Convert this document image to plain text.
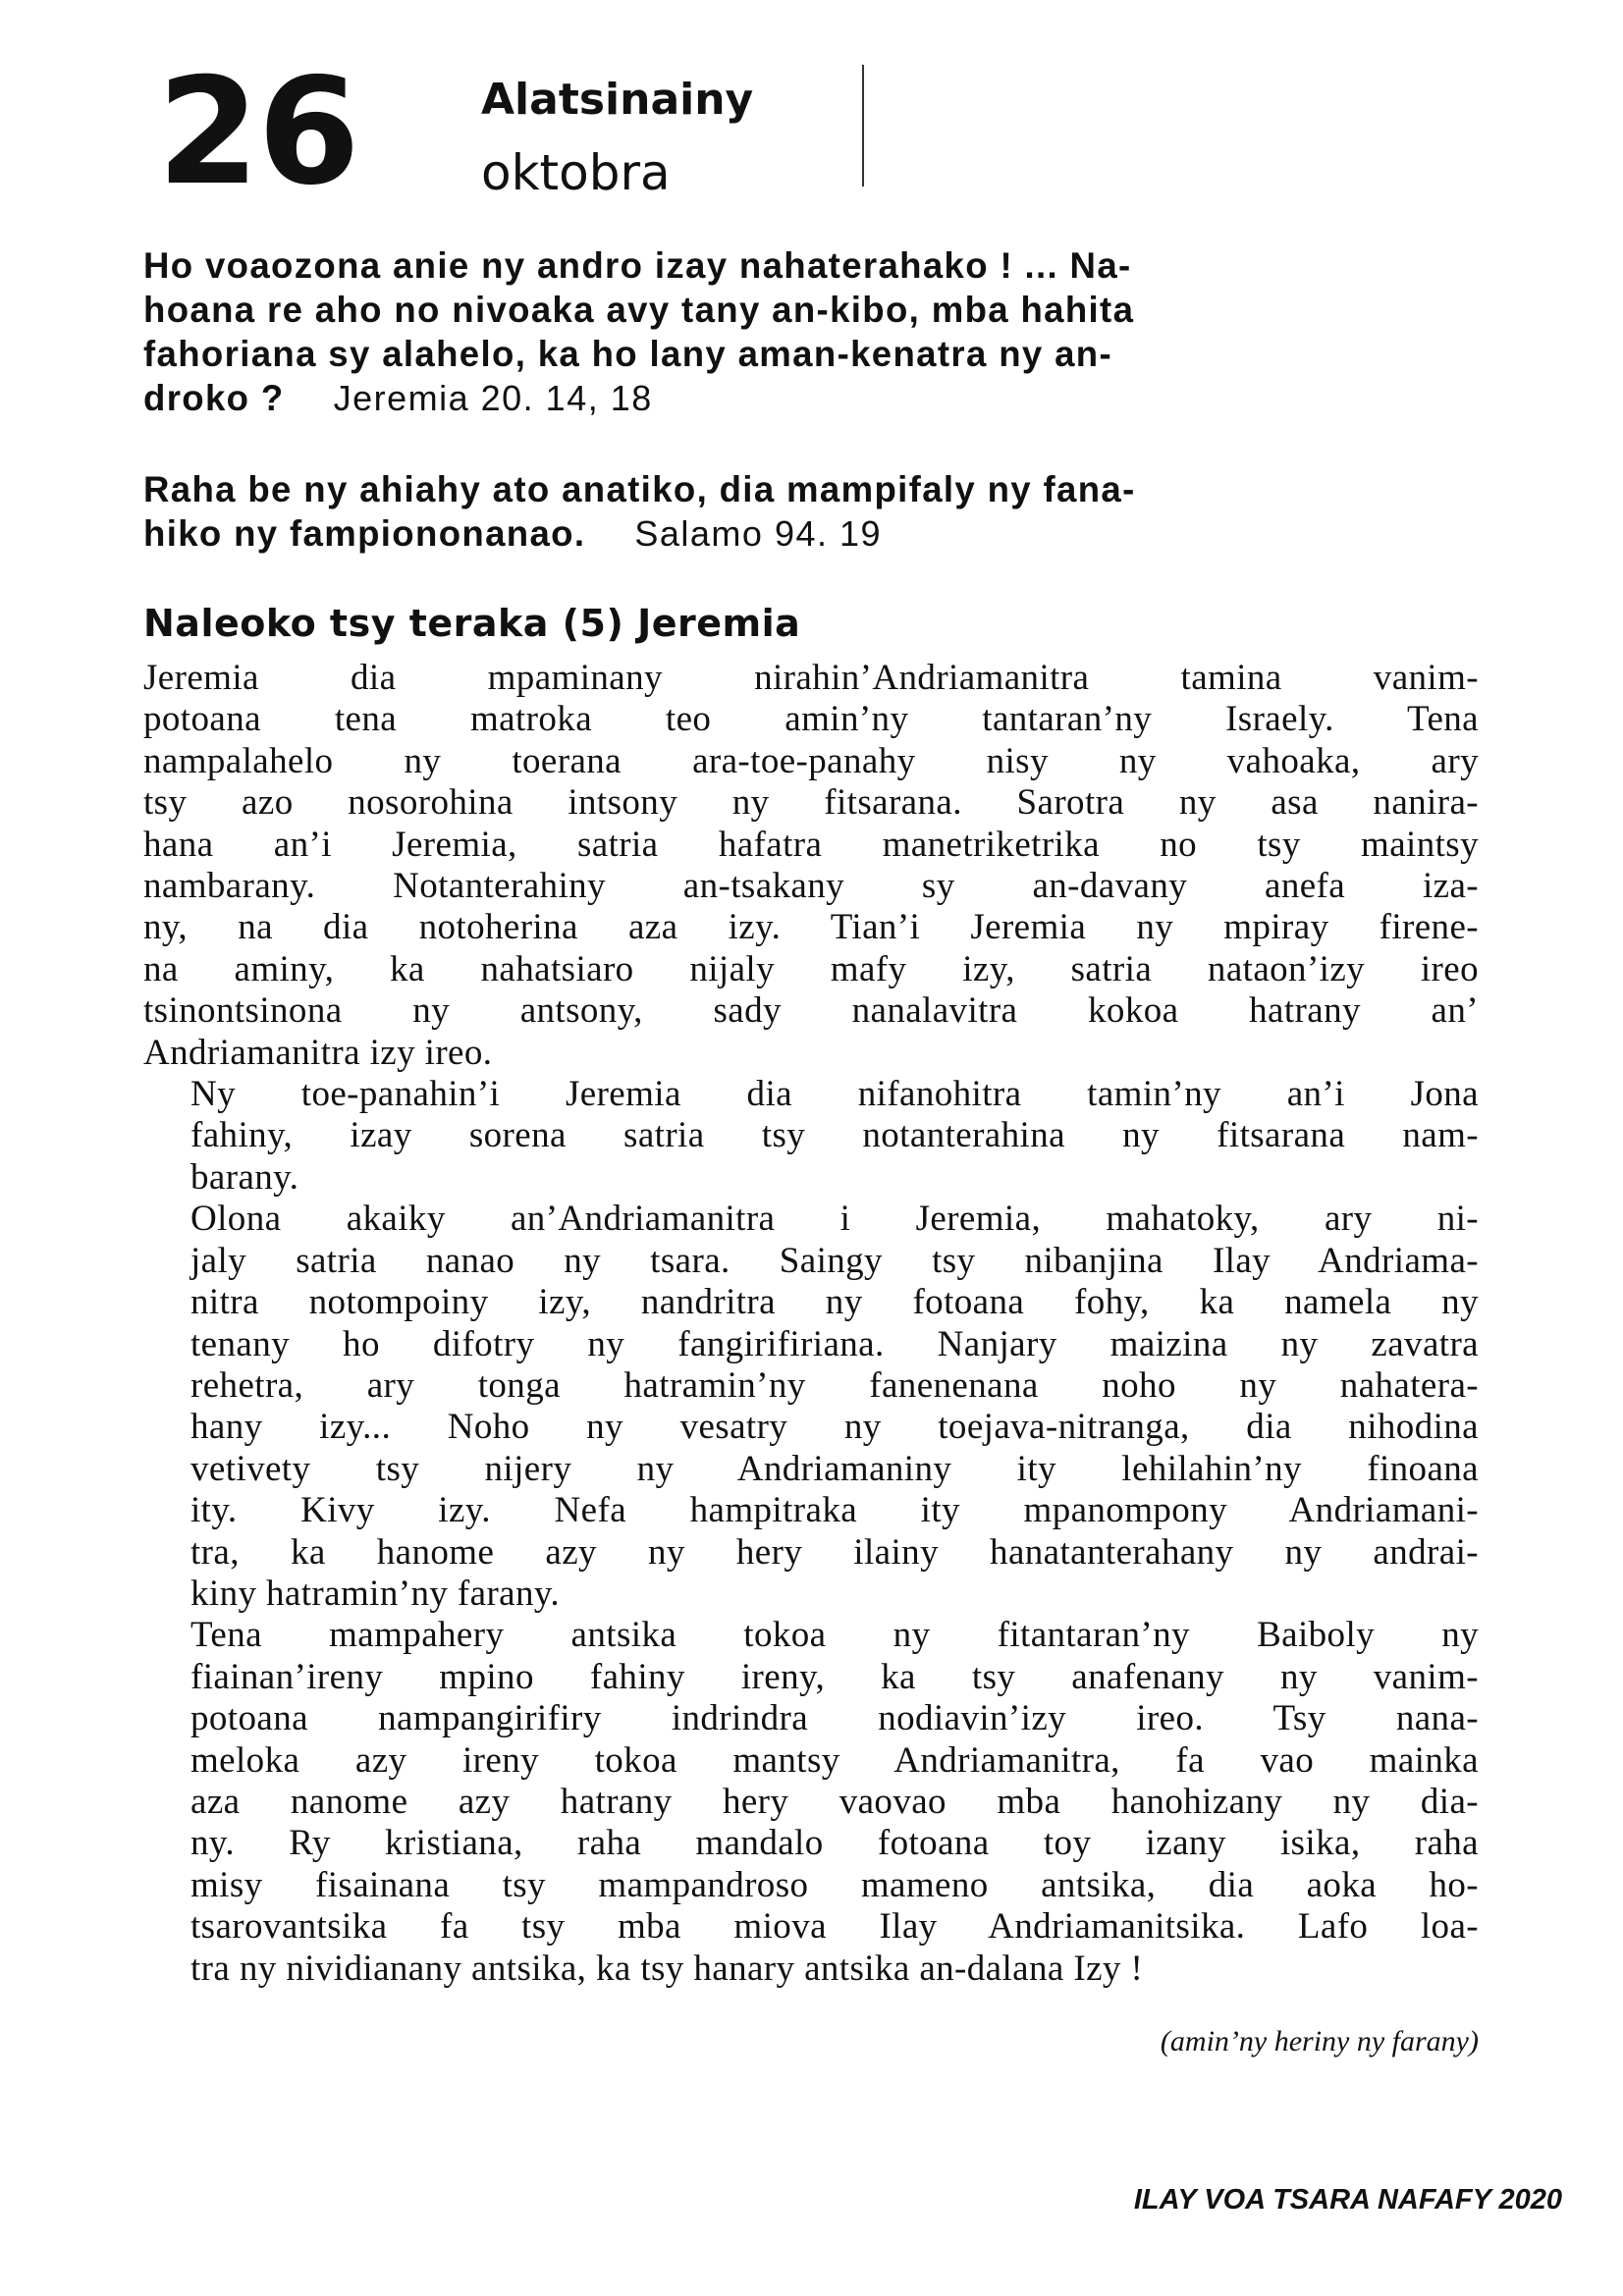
26	Alatsinainy
oktobra
Ho voaozona anie ny andro izay nahaterahako ! ... Na-
hoana re aho no nivoaka avy tany an-kibo, mba hahita
fahoriana sy alahelo, ka ho lany aman-kenatra ny an-
droko ? Jeremia 20. 14, 18
Raha be ny ahiahy ato anatiko, dia mampifaly ny fana-
hiko ny fampiononanao. Salamo 94. 19
Naleoko tsy teraka (5) Jeremia
Jeremia dia mpaminany nirahin’Andriamanitra tamina vanim-
potoana tena matroka teo amin’ny tantaran’ny Israely. Tena
nampalahelo ny toerana ara-toe-panahy nisy ny vahoaka, ary
tsy azo nosorohina intsony ny fitsarana. Sarotra ny asa nanira-
hana an’i Jeremia, satria hafatra manetriketrika no tsy maintsy
nambarany. Notanterahiny an-tsakany sy an-davany anefa iza-
ny, na dia notoherina aza izy. Tian’i Jeremia ny mpiray firene-
na aminy, ka nahatsiaro nijaly mafy izy, satria nataon’izy ireo
tsinontsinona ny antsony, sady nanalavitra kokoa hatrany an’
Andriamanitra izy ireo.
Ny toe-panahin’i Jeremia dia nifanohitra tamin’ny an’i Jona
fahiny, izay sorena satria tsy notanterahina ny fitsarana nam-
barany.
Olona akaiky an’Andriamanitra i Jeremia, mahatoky, ary ni-
jaly satria nanao ny tsara. Saingy tsy nibanjina Ilay Andriama-
nitra notompoiny izy, nandritra ny fotoana fohy, ka namela ny
tenany ho difotry ny fangirifiriana. Nanjary maizina ny zavatra
rehetra, ary tonga hatramin’ny fanenenana noho ny nahatera-
hany izy... Noho ny vesatry ny toejava-nitranga, dia nihodina
vetivety tsy nijery ny Andriamaniny ity lehilahin’ny finoana
ity. Kivy izy. Nefa hampitraka ity mpanompony Andriamani-
tra, ka hanome azy ny hery ilainy hanatanterahany ny andrai-
kiny hatramin’ny farany.
Tena mampahery antsika tokoa ny fitantaran’ny Baiboly ny
fiainan’ireny mpino fahiny ireny, ka tsy anafenany ny vanim-
potoana nampangirifiry indrindra nodiavin’izy ireo. Tsy nana-
meloka azy ireny tokoa mantsy Andriamanitra, fa vao mainka
aza nanome azy hatrany hery vaovao mba hanohizany ny dia-
ny. Ry kristiana, raha mandalo fotoana toy izany isika, raha
misy fisainana tsy mampandroso mameno antsika, dia aoka ho-
tsarovantsika fa tsy mba miova Ilay Andriamanitsika. Lafo loa-
tra ny nividianany antsika, ka tsy hanary antsika an-dalana Izy !
(amin’ny heriny ny farany)
ILAY VOA TSARA NAFAFY 2020
